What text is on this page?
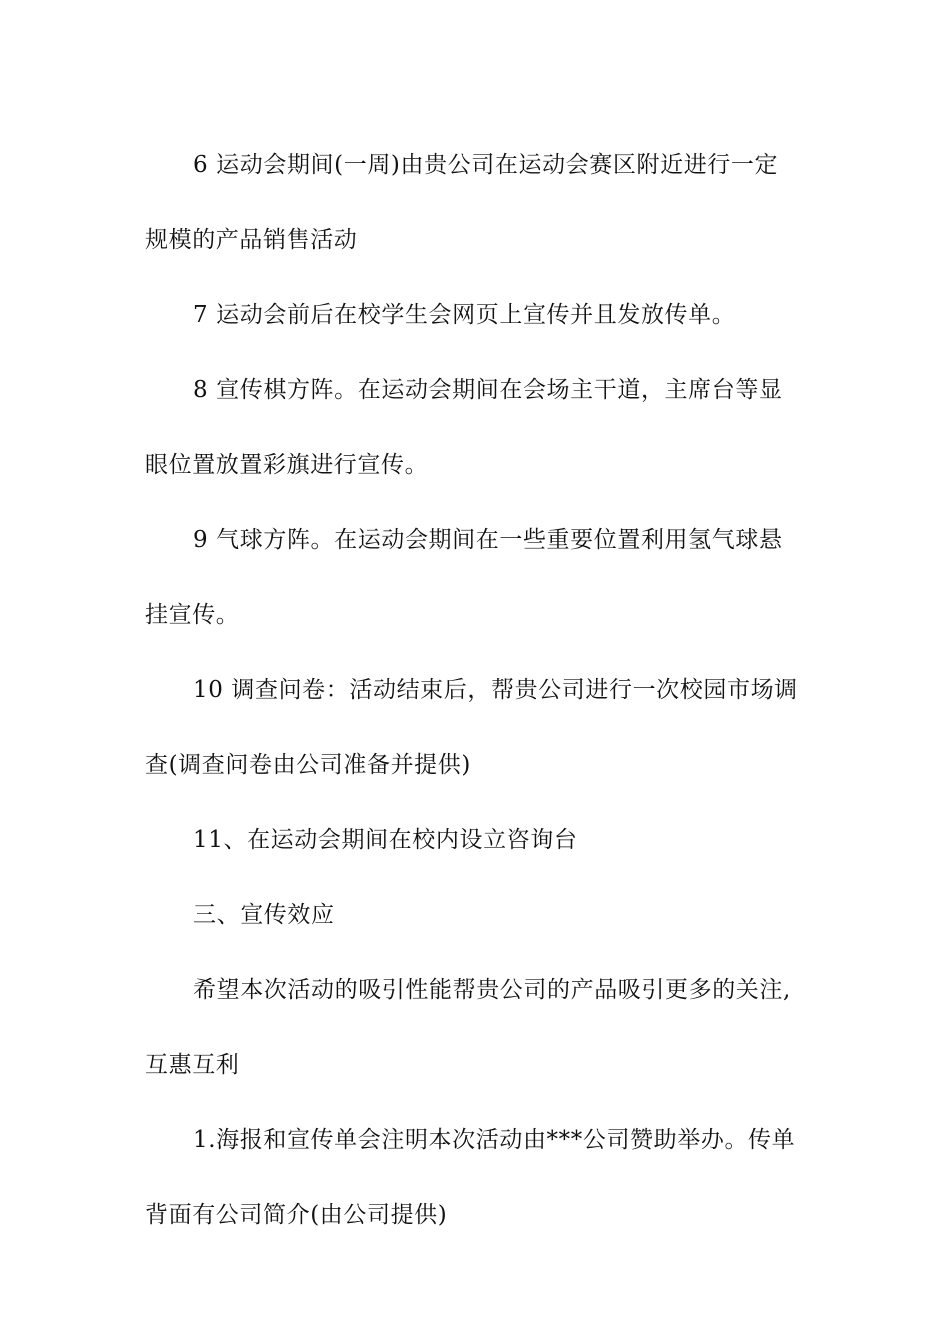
6 运动会期间(一周)由贵公司在运动会赛区附近进行一定
规模的产品销售活动

7 运动会前后在校学生会网页上宣传并且发放传单。

8 宣传棋方阵。在运动会期间在会场主干道，主席台等显
眼位置放置彩旗进行宣传。

9 气球方阵。在运动会期间在一些重要位置利用氢气球悬
挂宣传。

10 调查问卷：活动结束后，帮贵公司进行一次校园市场调
查(调查问卷由公司准备并提供)

11、在运动会期间在校内设立咨询台

三、宣传效应

希望本次活动的吸引性能帮贵公司的产品吸引更多的关注,
互惠互利

1.海报和宣传单会注明本次活动由***公司赞助举办。传单
背面有公司简介(由公司提供)
